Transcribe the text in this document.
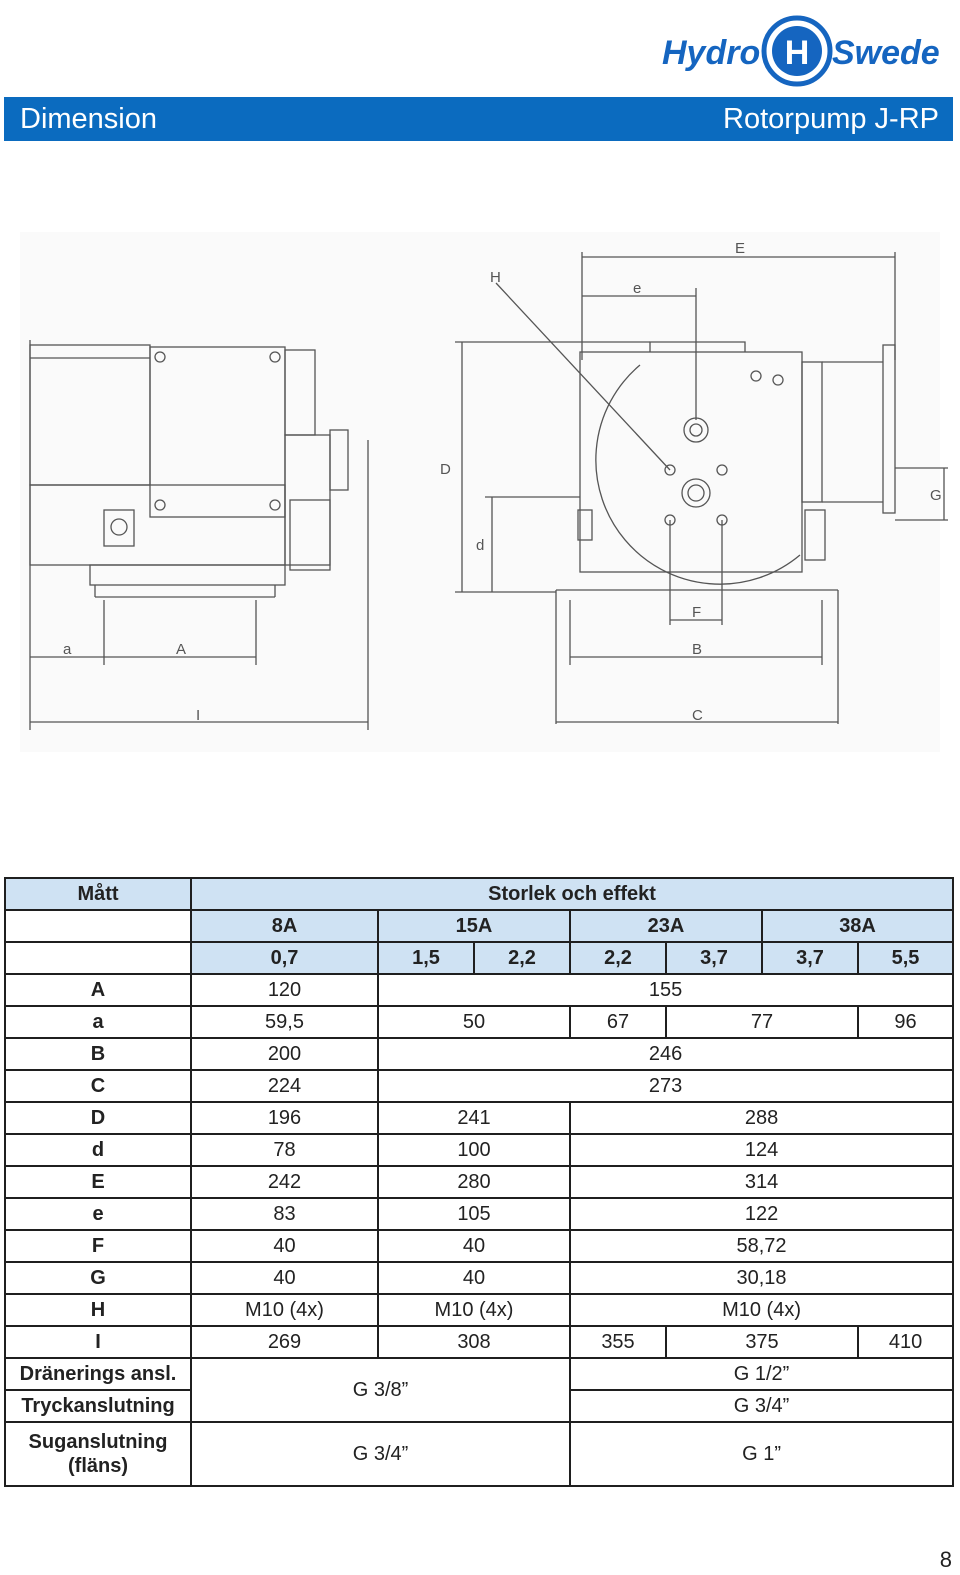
Hydro H Swede
Dimension	Rotorpump J-RP
E
H
e
D
d
G
F
B
C
a	A
I
Mått	Storlek och effekt						
	8A	15A		23A		38A	
	0,7	1,5	2,2	2,2	3,7	3,7	5,5
A	120	155					
a	59,5	50		67	77		96
B	200	246					
C	224	273					
D	196	241		288			
d	78	100		124			
E	242	280		314			
e	83	105		122			
F	40	40		58,72			
G	40	40		30,18			
H	M10 (4x)	M10 (4x)		M10 (4x)			
I	269	308		355	375		410
Dränerings ansl.	G 3/8”			G 1/2”			
Tryckanslutning				G 3/4”			
Suganslutning
(fläns)	G 3/4”			G 1”			
8
